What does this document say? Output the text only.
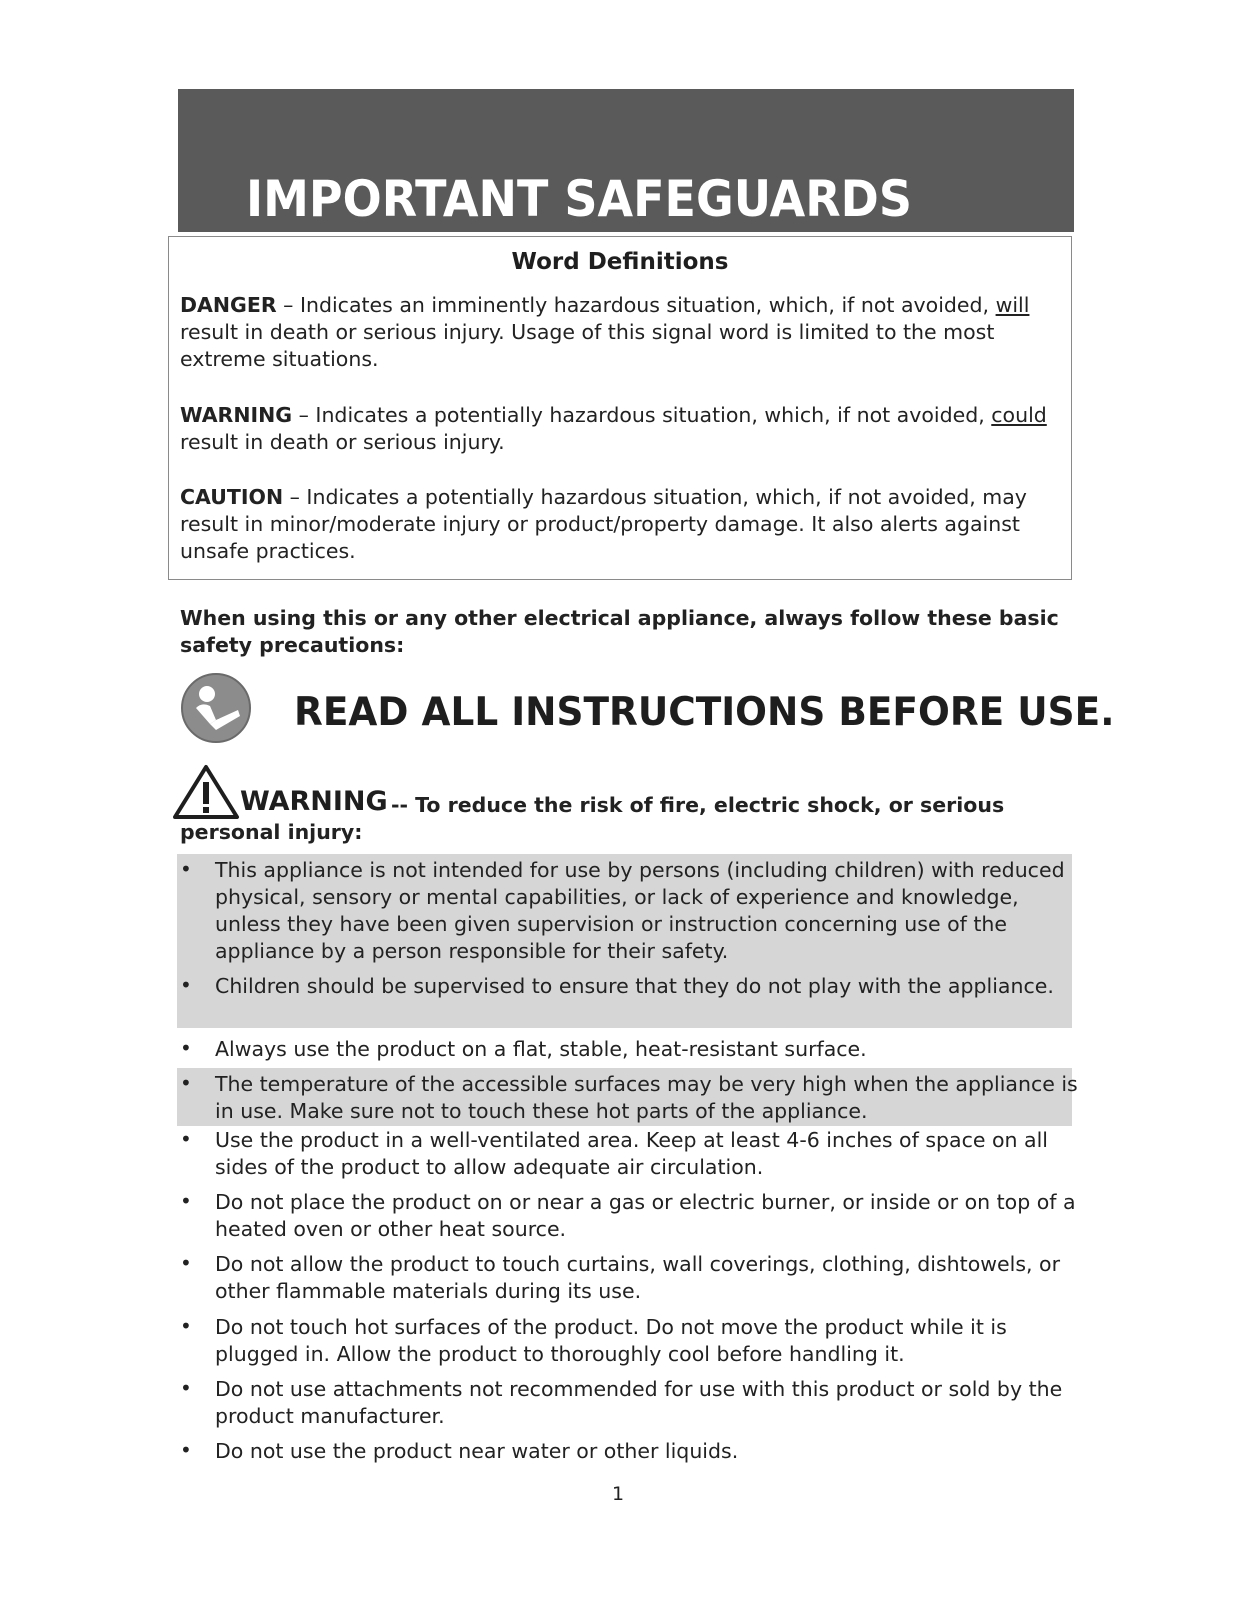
IMPORTANT SAFEGUARDS
Word Definitions
DANGER – Indicates an imminently hazardous situation, which, if not avoided, will result in death or serious injury. Usage of this signal word is limited to the most extreme situations.
WARNING – Indicates a potentially hazardous situation, which, if not avoided, could result in death or serious injury.
CAUTION – Indicates a potentially hazardous situation, which, if not avoided, may result in minor/moderate injury or product/property damage. It also alerts against unsafe practices.
When using this or any other electrical appliance, always follow these basic safety precautions:
READ ALL INSTRUCTIONS BEFORE USE.
WARNING -- To reduce the risk of fire, electric shock, or serious
personal injury:
• This appliance is not intended for use by persons (including children) with reduced physical, sensory or mental capabilities, or lack of experience and knowledge, unless they have been given supervision or instruction concerning use of the appliance by a person responsible for their safety.
• Children should be supervised to ensure that they do not play with the appliance.
• Always use the product on a flat, stable, heat-resistant surface.
• The temperature of the accessible surfaces may be very high when the appliance is in use. Make sure not to touch these hot parts of the appliance.
• Use the product in a well-ventilated area. Keep at least 4-6 inches of space on all sides of the product to allow adequate air circulation.
• Do not place the product on or near a gas or electric burner, or inside or on top of a heated oven or other heat source.
• Do not allow the product to touch curtains, wall coverings, clothing, dishtowels, or other flammable materials during its use.
• Do not touch hot surfaces of the product. Do not move the product while it is plugged in. Allow the product to thoroughly cool before handling it.
• Do not use attachments not recommended for use with this product or sold by the product manufacturer.
• Do not use the product near water or other liquids.
1
